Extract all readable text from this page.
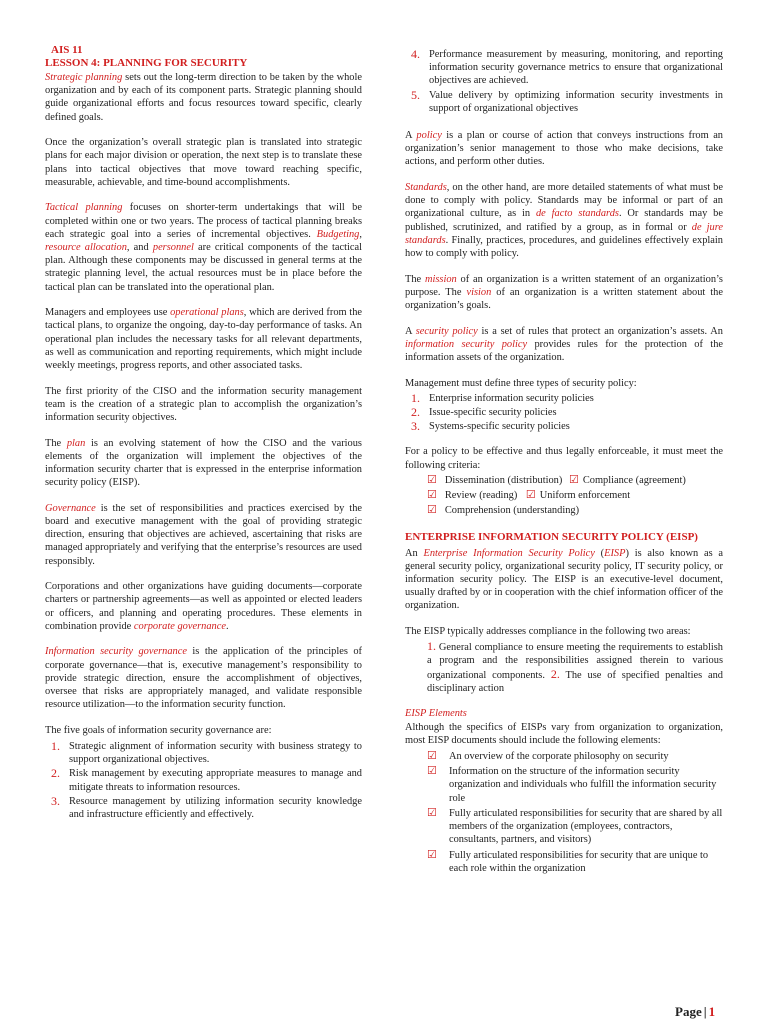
AIS 11
LESSON 4: PLANNING FOR SECURITY

Strategic planning sets out the long-term direction to be taken by the whole organization and by each of its component parts. Strategic planning should guide organizational efforts and focus resources toward specific, clearly defined goals.

Once the organization’s overall strategic plan is translated into strategic plans for each major division or operation, the next step is to translate these plans into tactical objectives that move toward reaching specific, measurable, achievable, and time-bound accomplishments.

Tactical planning focuses on shorter-term undertakings that will be completed within one or two years. The process of tactical planning breaks each strategic goal into a series of incremental objectives. Budgeting, resource allocation, and personnel are critical components of the tactical plan. Although these components may be discussed in general terms at the strategic planning level, the actual resources must be in place before the tactical plan can be translated into the operational plan.

Managers and employees use operational plans, which are derived from the tactical plans, to organize the ongoing, day-to-day performance of tasks. An operational plan includes the necessary tasks for all relevant departments, as well as communication and reporting requirements, which might include weekly meetings, progress reports, and other associated tasks.

The first priority of the CISO and the information security management team is the creation of a strategic plan to accomplish the organization’s information security objectives.

The plan is an evolving statement of how the CISO and the various elements of the organization will implement the objectives of the information security charter that is expressed in the enterprise information security policy (EISP).

Governance is the set of responsibilities and practices exercised by the board and executive management with the goal of providing strategic direction, ensuring that objectives are achieved, ascertaining that risks are managed appropriately and verifying that the enterprise’s resources are used responsibly.

Corporations and other organizations have guiding documents—corporate charters or partnership agreements—as well as appointed or elected leaders or officers, and planning and operating procedures. These elements in combination provide corporate governance.

Information security governance is the application of the principles of corporate governance—that is, executive management’s responsibility to provide strategic direction, ensure the accomplishment of objectives, oversee that risks are appropriately managed, and validate responsible resource utilization—to the information security function.

The five goals of information security governance are:

1. Strategic alignment of information security with business strategy to support organizational objectives.
2. Risk management by executing appropriate measures to manage and mitigate threats to information resources.
3. Resource management by utilizing information security knowledge and infrastructure efficiently and effectively.
4. Performance measurement by measuring, monitoring, and reporting information security governance metrics to ensure that organizational objectives are achieved.
5. Value delivery by optimizing information security investments in support of organizational objectives

A policy is a plan or course of action that conveys instructions from an organization’s senior management to those who make decisions, take actions, and perform other duties.

Standards, on the other hand, are more detailed statements of what must be done to comply with policy. Standards may be informal or part of an organizational culture, as in de facto standards. Or standards may be published, scrutinized, and ratified by a group, as in formal or de jure standards. Finally, practices, procedures, and guidelines effectively explain how to comply with policy.

The mission of an organization is a written statement of an organization’s purpose. The vision of an organization is a written statement about the organization’s goals.

A security policy is a set of rules that protect an organization’s assets. An information security policy provides rules for the protection of the information assets of the organization.

Management must define three types of security policy:

1. Enterprise information security policies
2. Issue-specific security policies
3. Systems-specific security policies

For a policy to be effective and thus legally enforceable, it must meet the following criteria:

☑ Dissemination (distribution) ☑ Compliance (agreement)
☑ Review (reading) ☑ Uniform enforcement
☑ Comprehension (understanding)
ENTERPRISE INFORMATION SECURITY POLICY (EISP)

An Enterprise Information Security Policy (EISP) is also known as a general security policy, organizational security policy, IT security policy, or information security policy. The EISP is an executive-level document, usually drafted by or in cooperation with the chief information officer of the organization.

The EISP typically addresses compliance in the following two areas:

1. General compliance to ensure meeting the requirements to establish a program and the responsibilities assigned therein to various organizational components. 2. The use of specified penalties and disciplinary action

EISP Elements

Although the specifics of EISPs vary from organization to organization, most EISP documents should include the following elements:

☑ An overview of the corporate philosophy on security
☑ Information on the structure of the information security organization and individuals who fulfill the information security role
☑ Fully articulated responsibilities for security that are shared by all members of the organization (employees, contractors, consultants, partners, and visitors)
☑ Fully articulated responsibilities for security that are unique to each role within the organization
Page | 1
